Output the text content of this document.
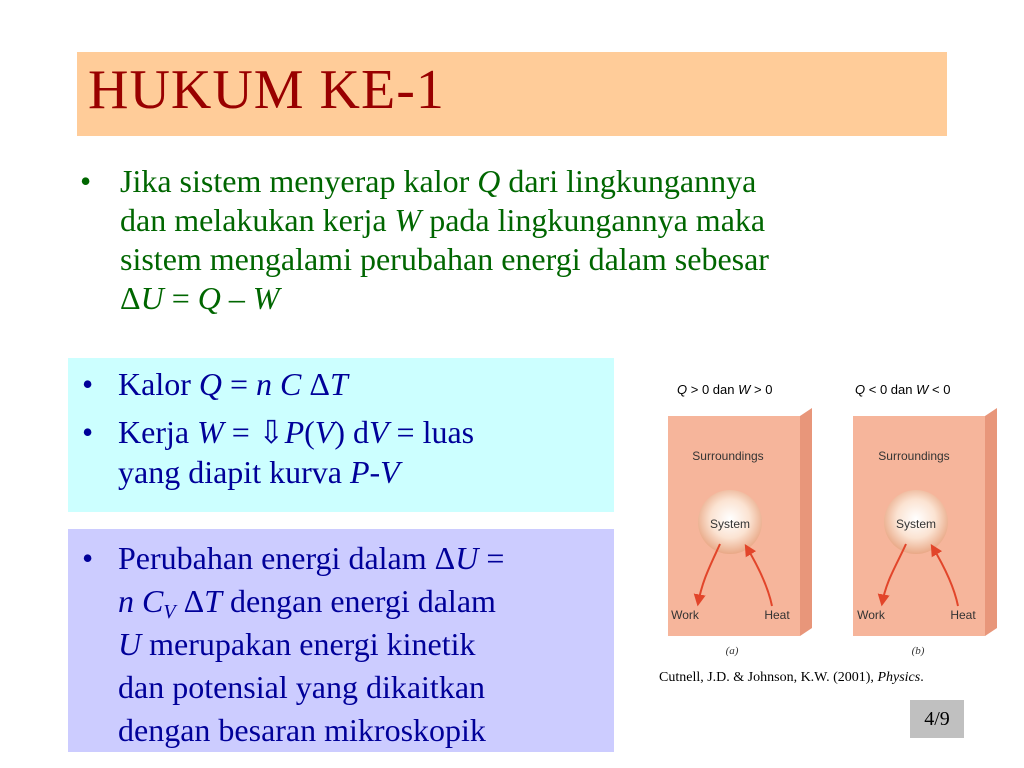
HUKUM KE-1
• Jika sistem menyerap kalor Q dari lingkungannya
dan melakukan kerja W pada lingkungannya maka
sistem mengalami perubahan energi dalam sebesar
ΔU = Q – W
• Kalor Q = n C ΔT
• Kerja W = ⇩P(V) dV = luas
yang diapit kurva P-V
• Perubahan energi dalam ΔU =
n $C_V$ ΔT dengan energi dalam
U merupakan energi kinetik
dan potensial yang dikaitkan
dengan besaran mikroskopik
Q > 0 dan W > 0	Q < 0 dan W < 0
Surroundings
System
Work	Heat
(a)
Surroundings
System
Work	Heat
(b)
Cutnell, J.D. & Johnson, K.W. (2001), Physics.
4/9
